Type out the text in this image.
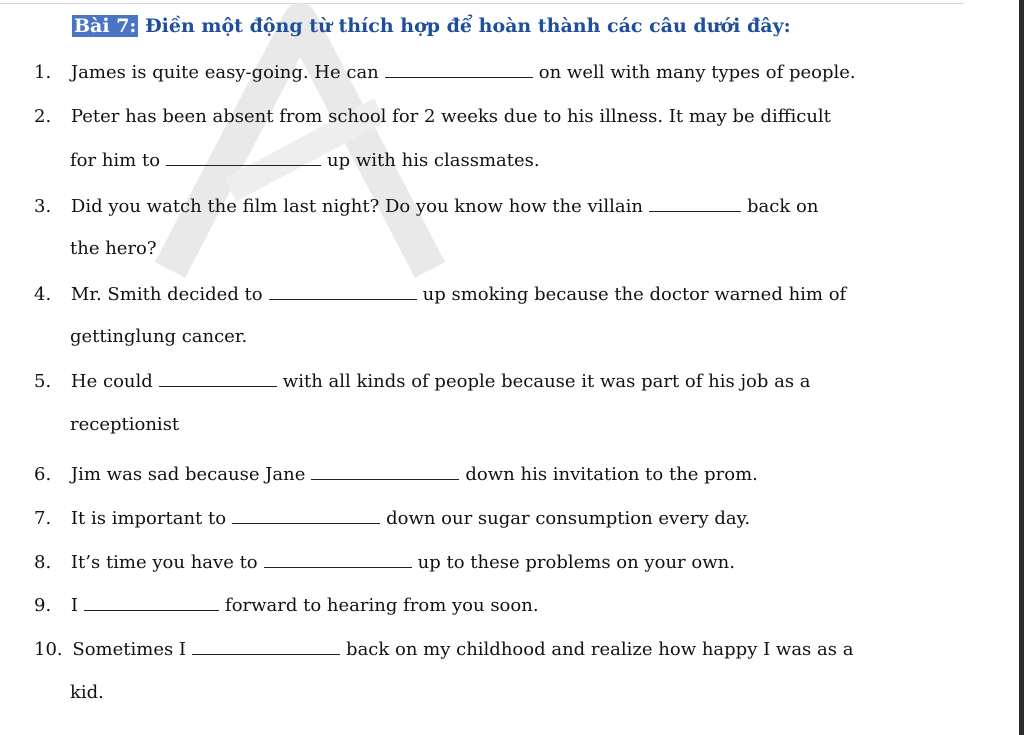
Bài 7: Điền một động từ thích hợp để hoàn thành các câu dưới đây:
1. James is quite easy-going. He can	on well with many types of people.
2. Peter has been absent from school for 2 weeks due to his illness. It may be difficult
for him to	up with his classmates.
3. Did you watch the film last night? Do you know how the villain	back on
the hero?
4. Mr. Smith decided to	up smoking because the doctor warned him of
gettinglung cancer.
5. He could	with all kinds of people because it was part of his job as a
receptionist
6. Jim was sad because Jane	down his invitation to the prom.
7. It is important to	down our sugar consumption every day.
8. It’s time you have to	up to these problems on your own.
9. I	forward to hearing from you soon.
10. Sometimes I	back on my childhood and realize how happy I was as a
kid.
